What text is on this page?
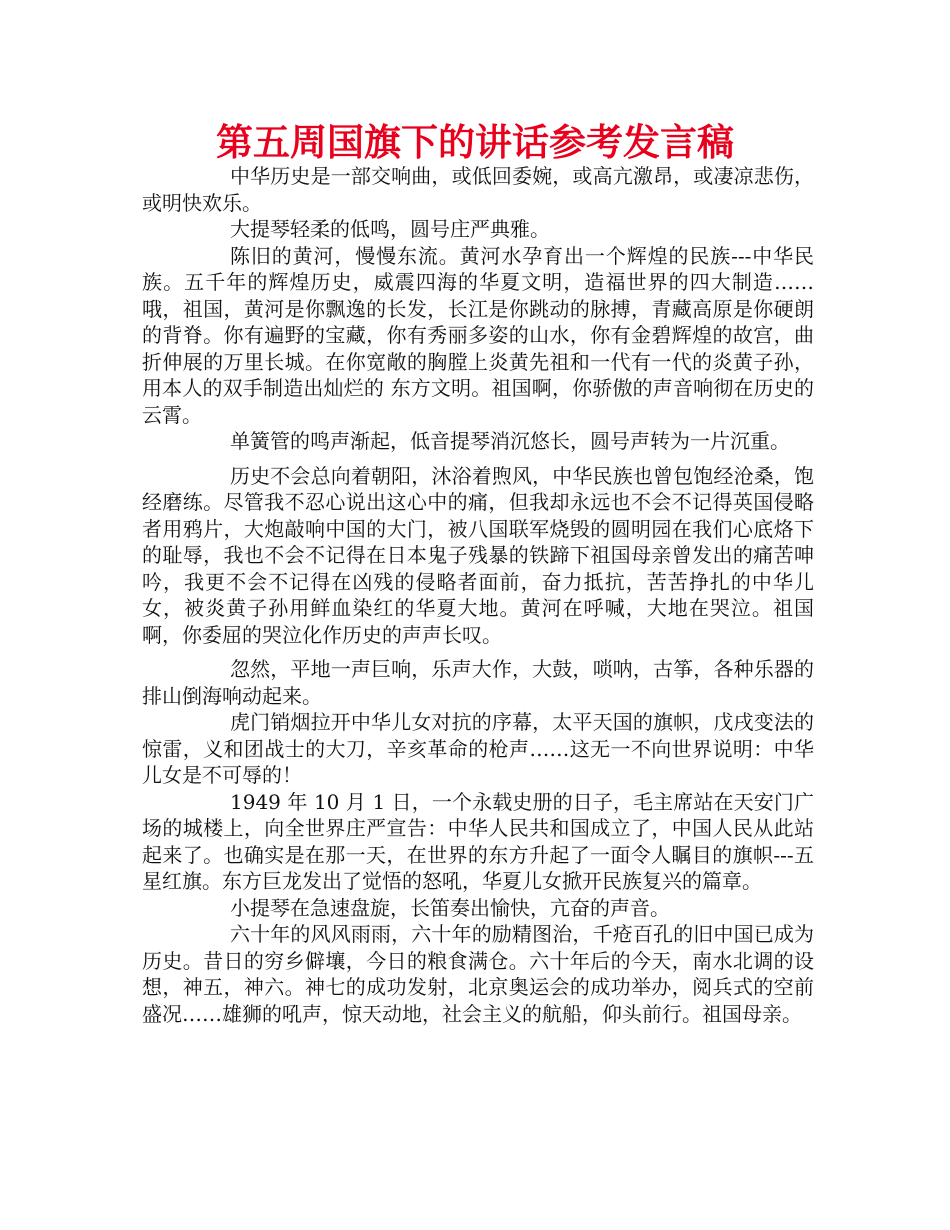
第五周国旗下的讲话参考发言稿

中华历史是一部交响曲，或低回委婉，或高亢激昂，或凄凉悲伤，或明快欢乐。

大提琴轻柔的低鸣，圆号庄严典雅。

陈旧的黄河，慢慢东流。黄河水孕育出一个辉煌的民族---中华民族。五千年的辉煌历史，威震四海的华夏文明，造福世界的四大制造……哦，祖国，黄河是你飘逸的长发，长江是你跳动的脉搏，青藏高原是你硬朗的背脊。你有遍野的宝藏，你有秀丽多姿的山水，你有金碧辉煌的故宫，曲折伸展的万里长城。在你宽敞的胸膛上炎黄先祖和一代有一代的炎黄子孙，用本人的双手制造出灿烂的 东方文明。祖国啊，你骄傲的声音响彻在历史的云霄。

单簧管的鸣声渐起，低音提琴消沉悠长，圆号声转为一片沉重。

历史不会总向着朝阳，沐浴着煦风，中华民族也曾包饱经沧桑，饱经磨练。尽管我不忍心说出这心中的痛，但我却永远也不会不记得英国侵略者用鸦片，大炮敲响中国的大门，被八国联军烧毁的圆明园在我们心底烙下的耻辱，我也不会不记得在日本鬼子残暴的铁蹄下祖国母亲曾发出的痛苦呻吟，我更不会不记得在凶残的侵略者面前，奋力抵抗，苦苦挣扎的中华儿女，被炎黄子孙用鲜血染红的华夏大地。黄河在呼喊，大地在哭泣。祖国啊，你委屈的哭泣化作历史的声声长叹。

忽然，平地一声巨响，乐声大作，大鼓，唢呐，古筝，各种乐器的排山倒海响动起来。

虎门销烟拉开中华儿女对抗的序幕，太平天国的旗帜，戊戌变法的惊雷，义和团战士的大刀，辛亥革命的枪声……这无一不向世界说明：中华儿女是不可辱的！

1949 年 10 月 1 日，一个永载史册的日子，毛主席站在天安门广场的城楼上，向全世界庄严宣告：中华人民共和国成立了，中国人民从此站起来了。也确实是在那一天，在世界的东方升起了一面令人瞩目的旗帜---五星红旗。东方巨龙发出了觉悟的怒吼，华夏儿女掀开民族复兴的篇章。

小提琴在急速盘旋，长笛奏出愉快，亢奋的声音。

六十年的风风雨雨，六十年的励精图治，千疮百孔的旧中国已成为历史。昔日的穷乡僻壤，今日的粮食满仓。六十年后的今天，南水北调的设想，神五，神六。神七的成功发射，北京奥运会的成功举办，阅兵式的空前盛况……雄狮的吼声，惊天动地，社会主义的航船，仰头前行。祖国母亲。
